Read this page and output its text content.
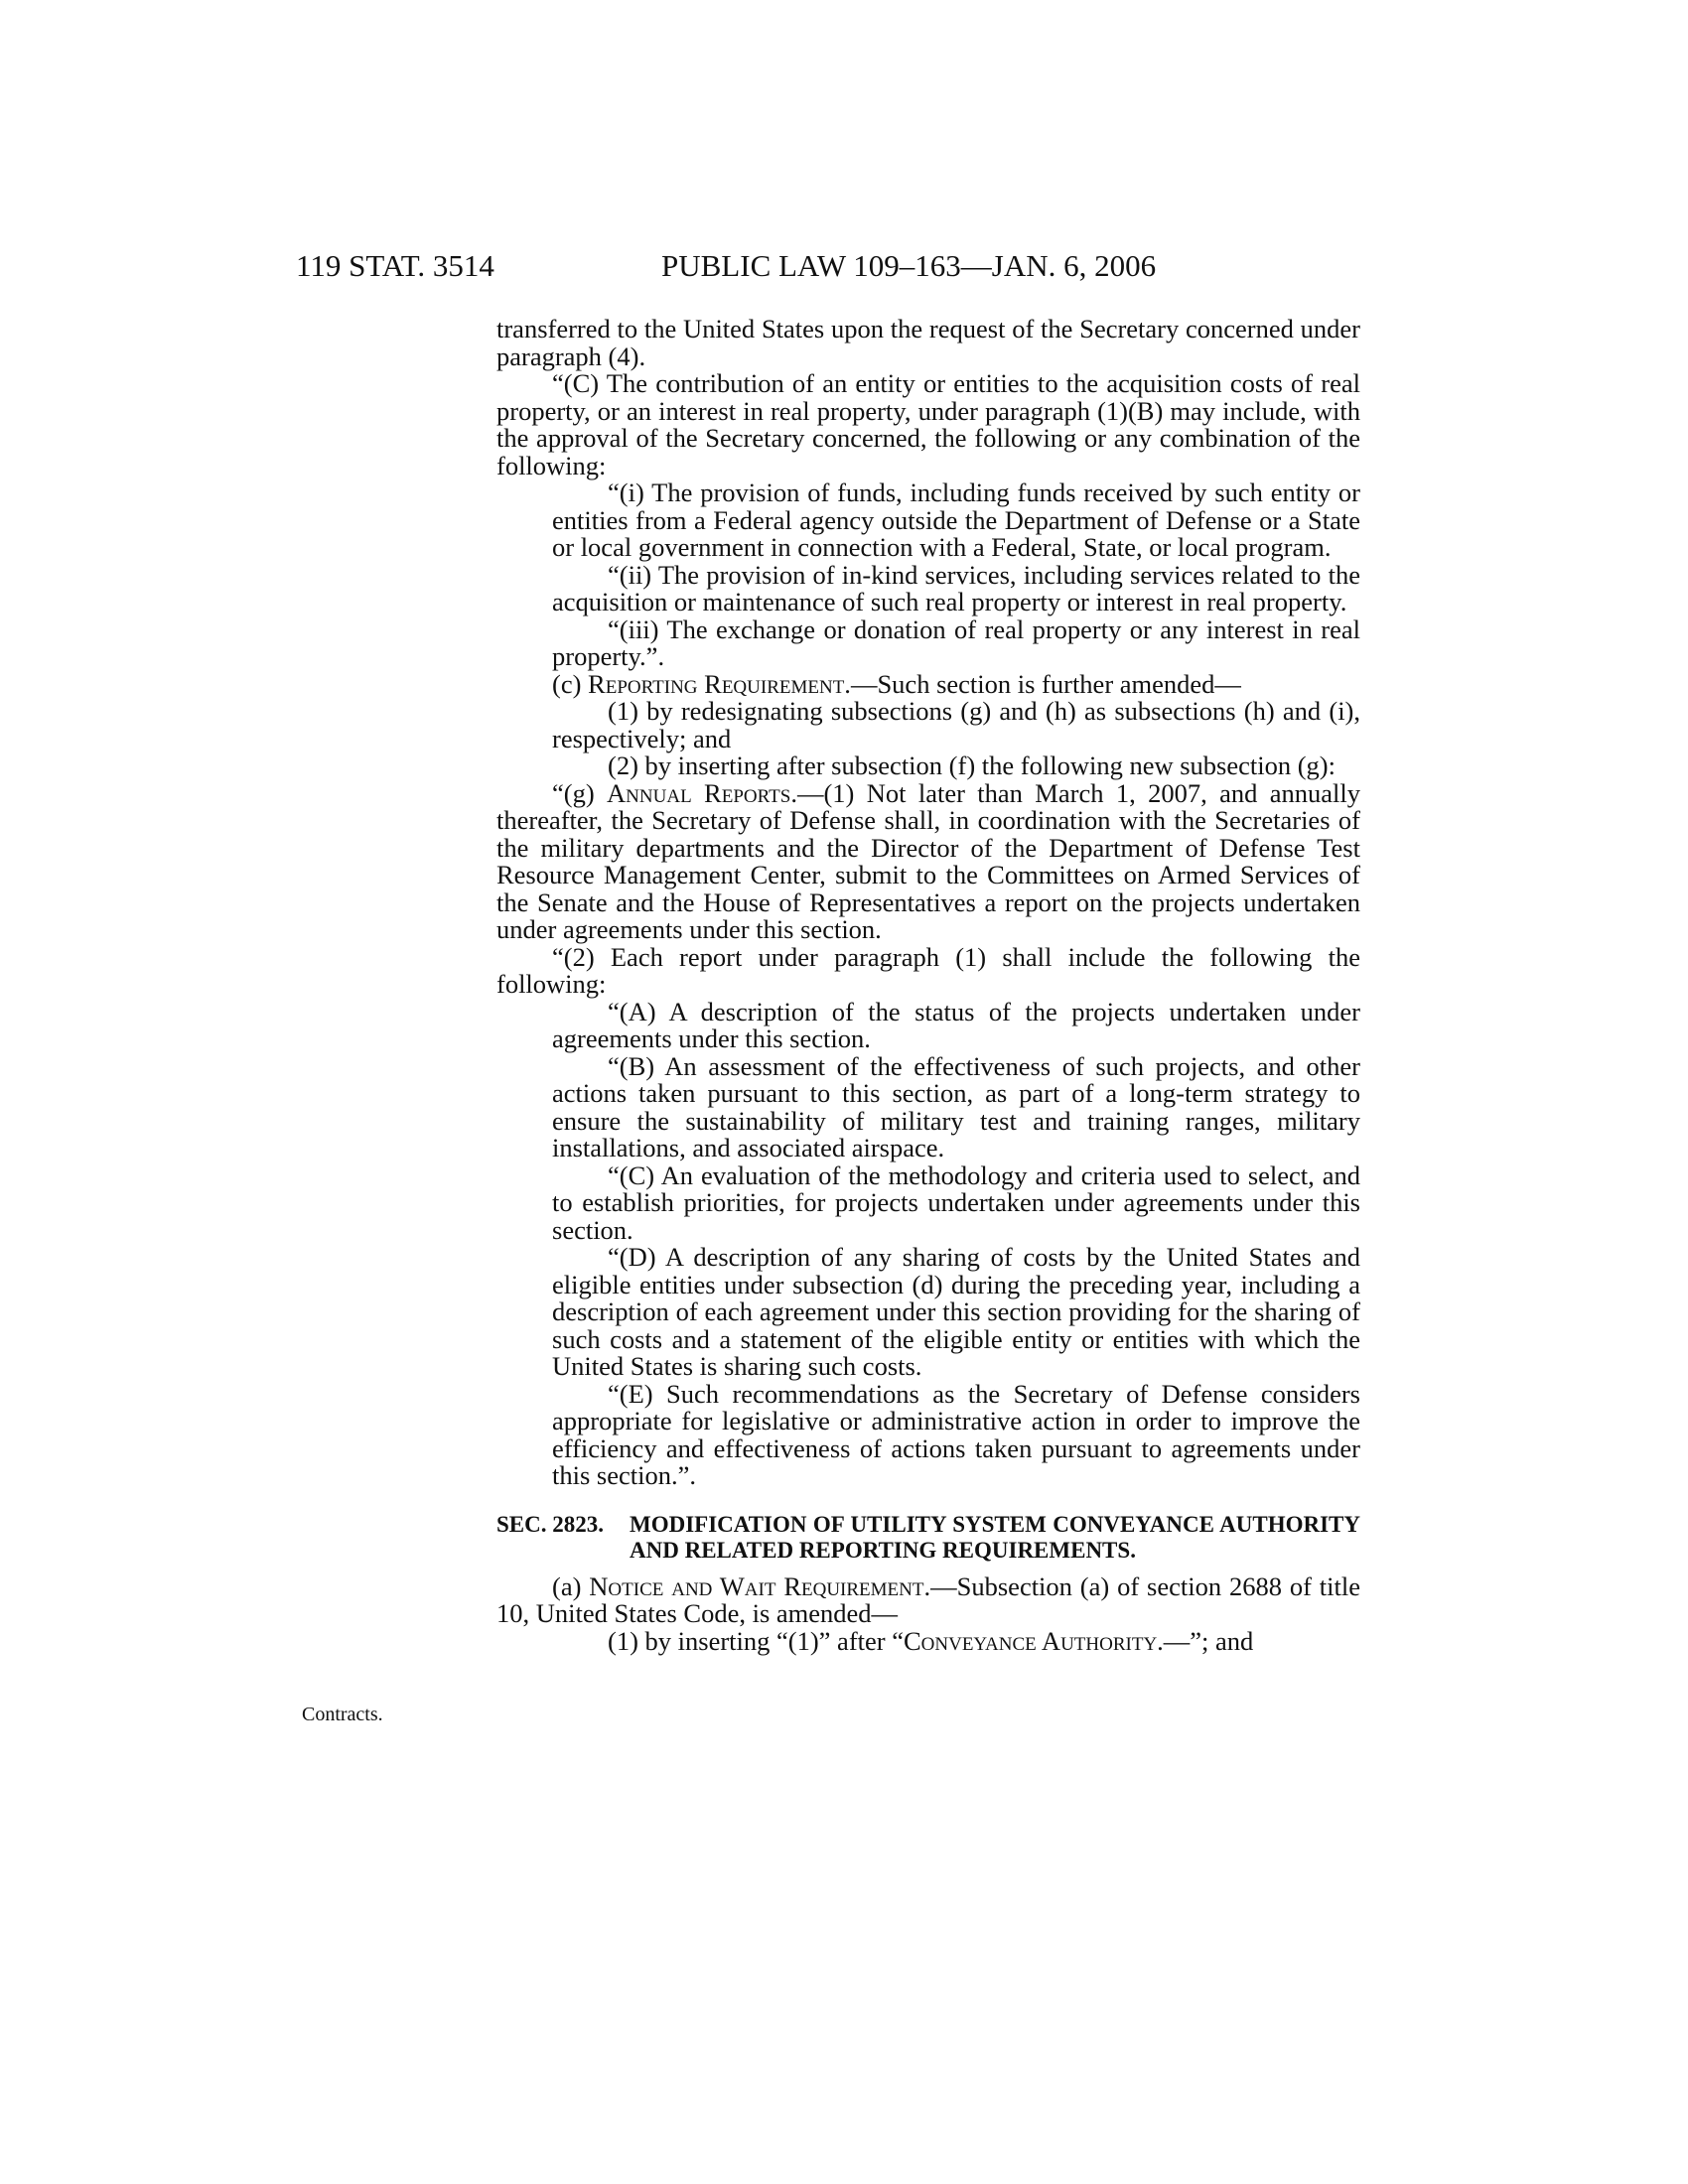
119 STAT. 3514	PUBLIC LAW 109–163—JAN. 6, 2006
Contracts.

transferred to the United States upon the request of the Secretary concerned under paragraph (4).

“(C) The contribution of an entity or entities to the acquisition costs of real property, or an interest in real property, under paragraph (1)(B) may include, with the approval of the Secretary concerned, the following or any combination of the following:

“(i) The provision of funds, including funds received by such entity or entities from a Federal agency outside the Department of Defense or a State or local government in connection with a Federal, State, or local program.

“(ii) The provision of in-kind services, including services related to the acquisition or maintenance of such real property or interest in real property.

“(iii) The exchange or donation of real property or any interest in real property.”.

(c) Reporting Requirement.—Such section is further amended—

(1) by redesignating subsections (g) and (h) as subsections (h) and (i), respectively; and

(2) by inserting after subsection (f) the following new subsection (g):

“(g) Annual Reports.—(1) Not later than March 1, 2007, and annually thereafter, the Secretary of Defense shall, in coordination with the Secretaries of the military departments and the Director of the Department of Defense Test Resource Management Center, submit to the Committees on Armed Services of the Senate and the House of Representatives a report on the projects undertaken under agreements under this section.

“(2) Each report under paragraph (1) shall include the following the following:

“(A) A description of the status of the projects undertaken under agreements under this section.

“(B) An assessment of the effectiveness of such projects, and other actions taken pursuant to this section, as part of a long-term strategy to ensure the sustainability of military test and training ranges, military installations, and associated airspace.

“(C) An evaluation of the methodology and criteria used to select, and to establish priorities, for projects undertaken under agreements under this section.

“(D) A description of any sharing of costs by the United States and eligible entities under subsection (d) during the preceding year, including a description of each agreement under this section providing for the sharing of such costs and a statement of the eligible entity or entities with which the United States is sharing such costs.

“(E) Such recommendations as the Secretary of Defense considers appropriate for legislative or administrative action in order to improve the efficiency and effectiveness of actions taken pursuant to agreements under this section.”.

SEC. 2823. MODIFICATION OF UTILITY SYSTEM CONVEYANCE AUTHORITY AND RELATED REPORTING REQUIREMENTS.

(a) Notice and Wait Requirement.—Subsection (a) of section 2688 of title 10, United States Code, is amended—

(1) by inserting “(1)” after “Conveyance Authority.—”; and
